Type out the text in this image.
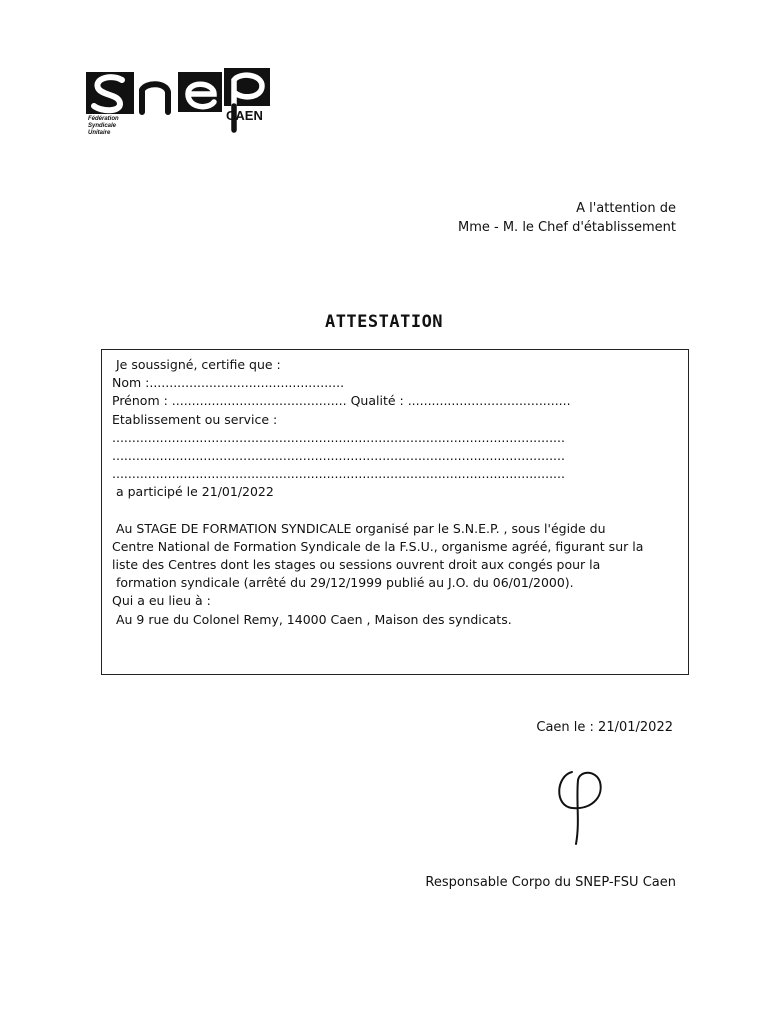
Fédération
Syndicale
Unitaire
CAEN
A l'attention de
Mme - M. le Chef d'établissement
ATTESTATION
Je soussigné, certifie que :
Nom :.................................................
Prénom : ............................................ Qualité : .........................................
Etablissement ou service :
..................................................................................................................
..................................................................................................................
..................................................................................................................
a participé le 21/01/2022
Au STAGE DE FORMATION SYNDICALE organisé par le S.N.E.P. , sous l'égide du
Centre National de Formation Syndicale de la F.S.U., organisme agréé, figurant sur la
liste des Centres dont les stages ou sessions ouvrent droit aux congés pour la
formation syndicale (arrêté du 29/12/1999 publié au J.O. du 06/01/2000).
Qui a eu lieu à :
Au 9 rue du Colonel Remy, 14000 Caen , Maison des syndicats.
Caen le : 21/01/2022
Responsable Corpo du SNEP-FSU Caen
